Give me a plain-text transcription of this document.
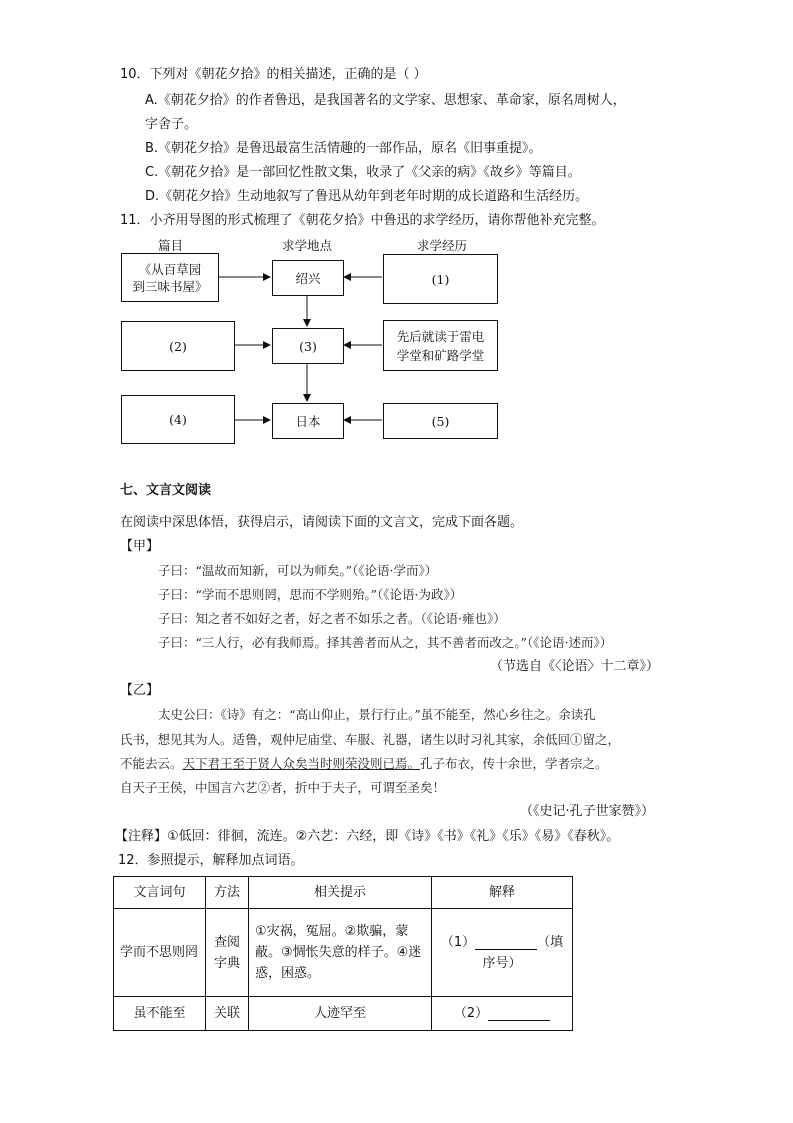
10．下列对《朝花夕拾》的相关描述，正确的是（ ）
A.《朝花夕拾》的作者鲁迅，是我国著名的文学家、思想家、革命家，原名周树人，
字舍子。
B.《朝花夕拾》是鲁迅最富生活情趣的一部作品，原名《旧事重提》。
C.《朝花夕拾》是一部回忆性散文集，收录了《父亲的病》《故乡》等篇目。
D.《朝花夕拾》生动地叙写了鲁迅从幼年到老年时期的成长道路和生活经历。
11．小齐用导图的形式梳理了《朝花夕拾》中鲁迅的求学经历，请你帮他补充完整。
篇目	求学地点	求学经历
《从百草园
到三味书屋》
绍兴	(1)
(2)	(3)
先后就读于雷电
学堂和矿路学堂
(4)	日本	(5)
七、文言文阅读
在阅读中深思体悟，获得启示，请阅读下面的文言文，完成下面各题。
【甲】
子曰：“温故而知新，可以为师矣。”（《论语·学而》）
子曰：“学而不思则罔，思而不学则殆。”（《论语·为政》）
子曰：知之者不如好之者，好之者不如乐之者。（《论语·雍也》）
子曰：“三人行，必有我师焉。择其善者而从之，其不善者而改之。”（《论语·述而》）
（节选自《〈论语〉十二章》）
【乙】
太史公曰：《诗》有之：“高山仰止，景行行止。”虽不能至，然心乡往之。余读孔
氏书，想见其为人。适鲁，观仲尼庙堂、车服、礼器，诸生以时习礼其家，余低回①留之，
不能去云。天下君王至于贤人众矣当时则荣没则已焉。孔子布衣，传十余世，学者宗之。
自天子王侯，中国言六艺②者，折中于夫子，可谓至圣矣！
（《史记·孔子世家赞》）
【注释】①低回：徘徊，流连。②六艺：六经，即《诗》《书》《礼》《乐》《易》《春秋》。
12．参照提示，解释加点词语。
文言词句	方法	相关提示	解释
学而不思则罔	查阅字典	①灾祸，冤屈。②欺骗，蒙蔽。③惆怅失意的样子。④迷惑，困惑。	（1） （填序号）
虽不能至	关联	人迹罕至	（2）
